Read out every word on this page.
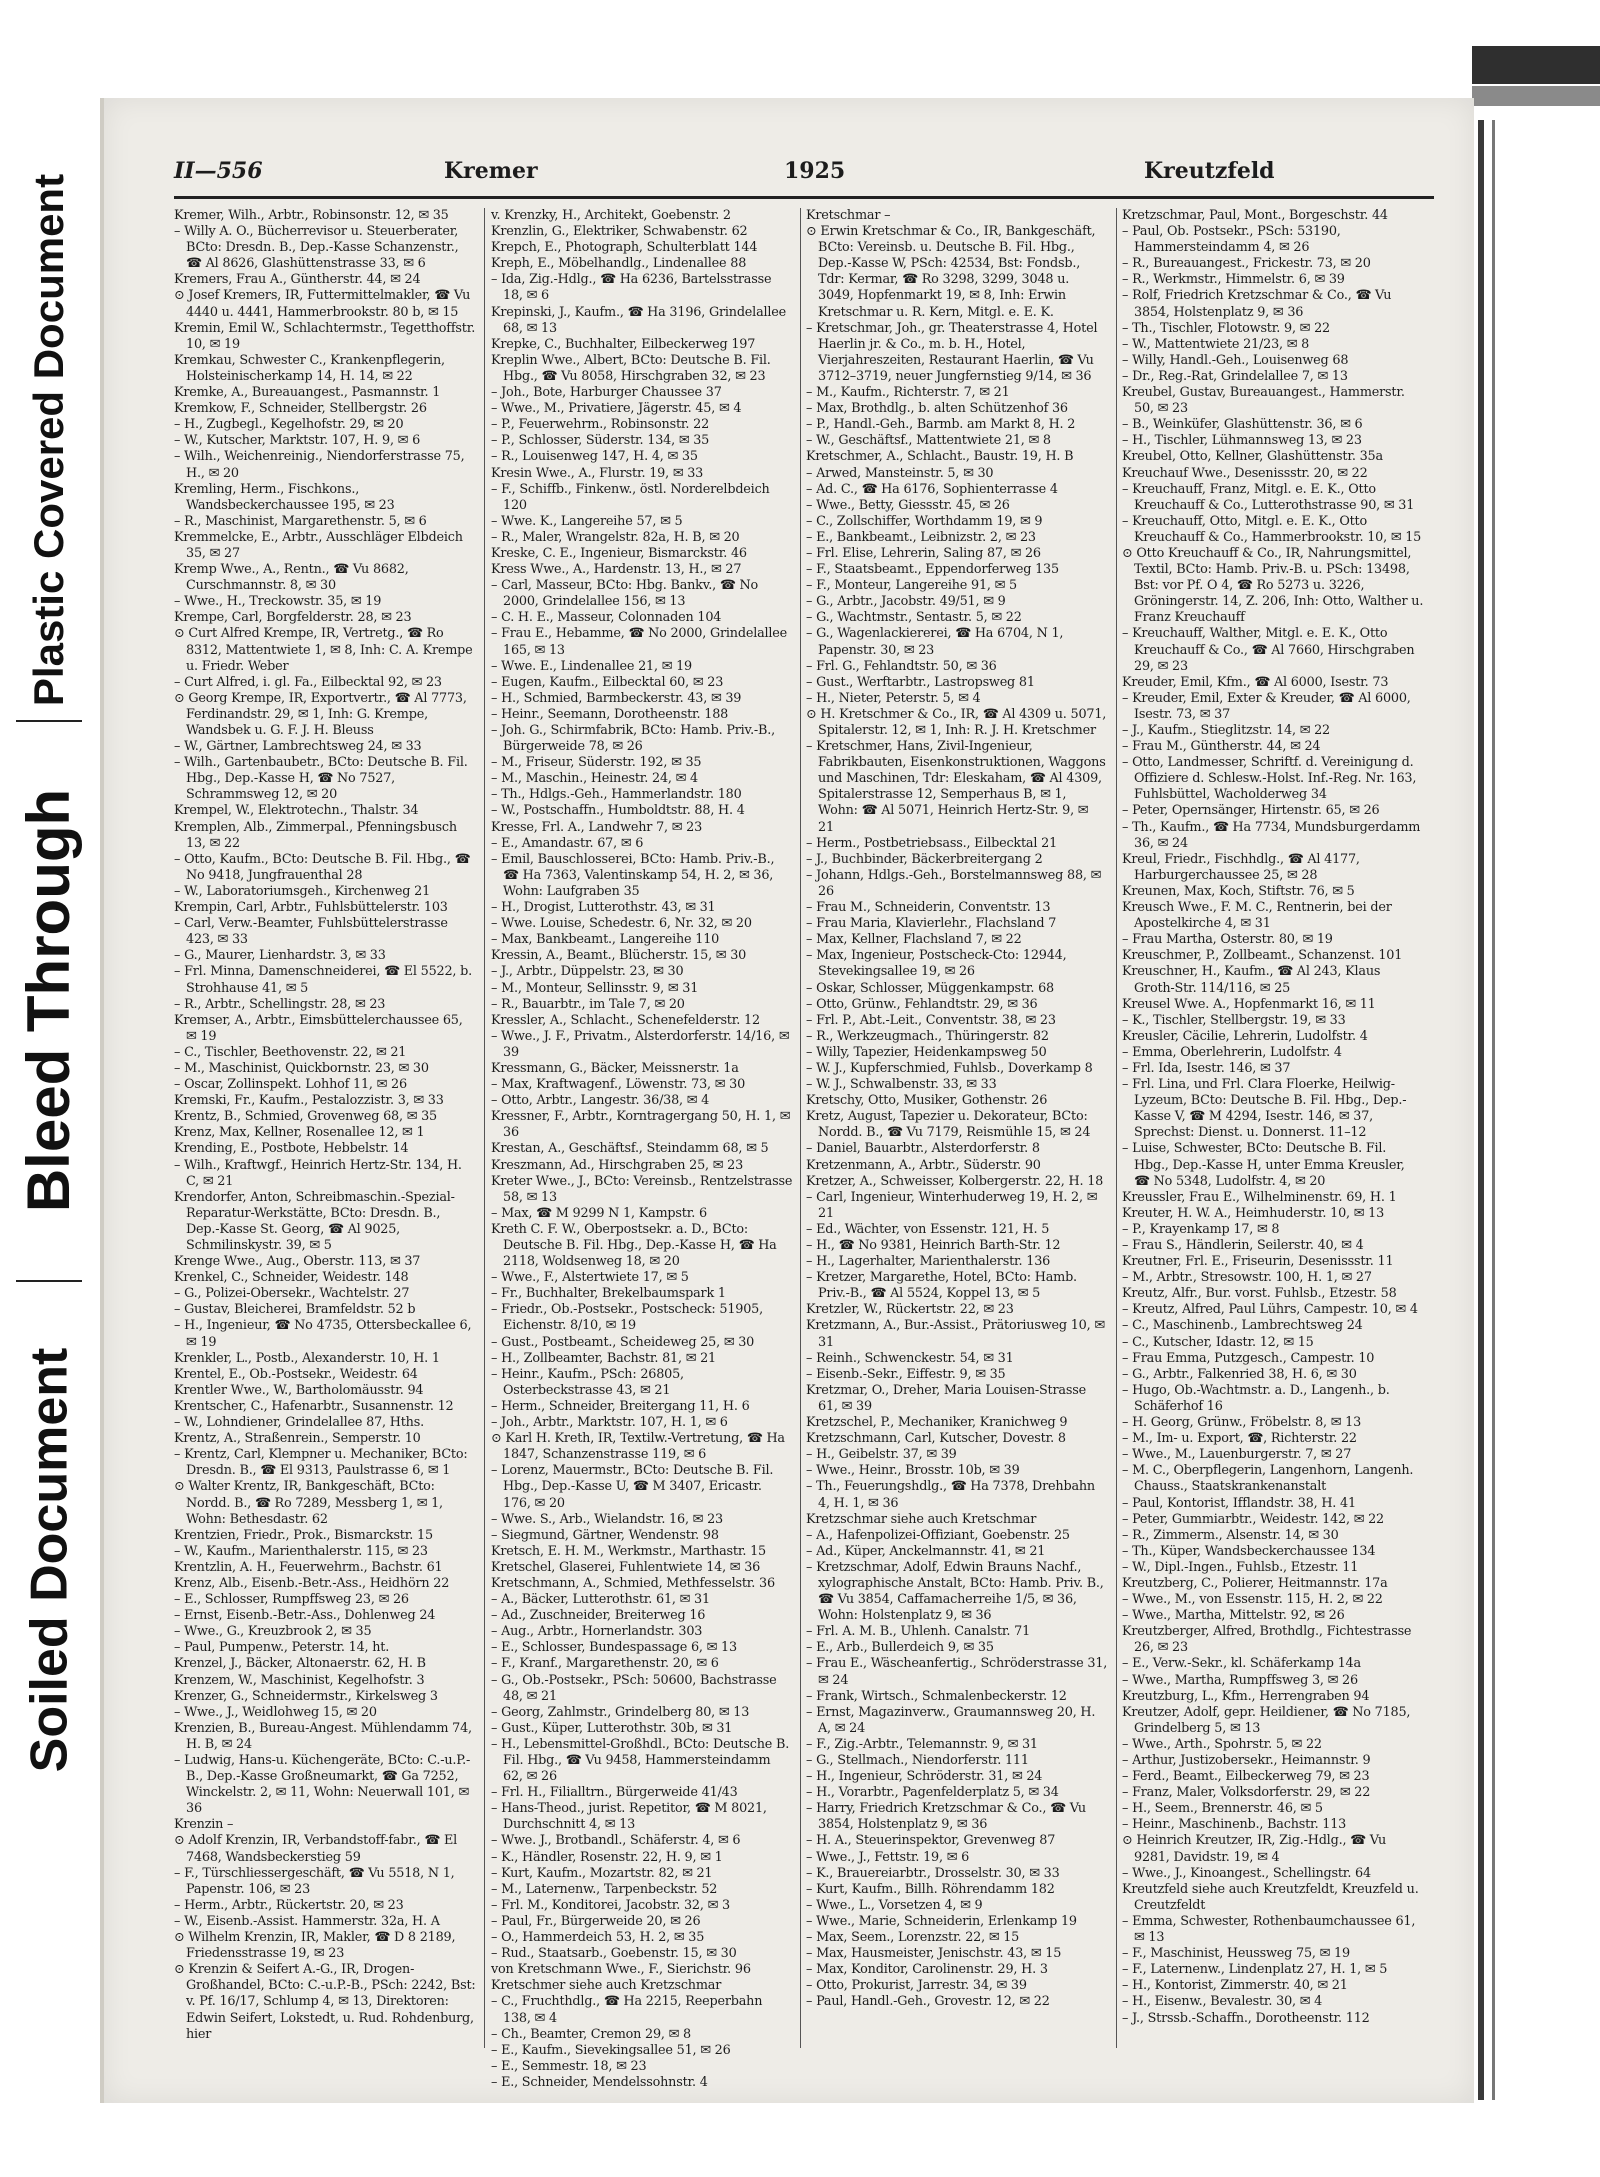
Plastic Covered Document
Bleed Through
Soiled Document
II—556	Kremer	1925	Kreutzfeld
Kremer, Wilh., Arbtr., Robinsonstr. 12, ✉ 35
– Willy A. O., Bücherrevisor u. Steuerberater, BCto: Dresdn. B., Dep.-Kasse Schanzenstr., ☎ Al 8626, Glashüttenstrasse 33, ✉ 6
Kremers, Frau A., Güntherstr. 44, ✉ 24
⊙ Josef Kremers, IR, Futtermittelmakler, ☎ Vu 4440 u. 4441, Hammerbrookstr. 80 b, ✉ 15
Kremin, Emil W., Schlachtermstr., Tegetthoffstr. 10, ✉ 19
Kremkau, Schwester C., Krankenpflegerin, Holsteinischerkamp 14, H. 14, ✉ 22
Kremke, A., Bureauangest., Pasmannstr. 1
Kremkow, F., Schneider, Stellbergstr. 26
– H., Zugbegl., Kegelhofstr. 29, ✉ 20
– W., Kutscher, Marktstr. 107, H. 9, ✉ 6
– Wilh., Weichenreinig., Niendorferstrasse 75, H., ✉ 20
Kremling, Herm., Fischkons., Wandsbeckerchaussee 195, ✉ 23
– R., Maschinist, Margarethenstr. 5, ✉ 6
Kremmelcke, E., Arbtr., Ausschläger Elbdeich 35, ✉ 27
Kremp Wwe., A., Rentn., ☎ Vu 8682, Curschmannstr. 8, ✉ 30
– Wwe., H., Treckowstr. 35, ✉ 19
Krempe, Carl, Borgfelderstr. 28, ✉ 23
⊙ Curt Alfred Krempe, IR, Vertretg., ☎ Ro 8312, Mattentwiete 1, ✉ 8, Inh: C. A. Krempe u. Friedr. Weber
– Curt Alfred, i. gl. Fa., Eilbecktal 92, ✉ 23
⊙ Georg Krempe, IR, Exportvertr., ☎ Al 7773, Ferdinandstr. 29, ✉ 1, Inh: G. Krempe, Wandsbek u. G. F. J. H. Bleuss
– W., Gärtner, Lambrechtsweg 24, ✉ 33
– Wilh., Gartenbaubetr., BCto: Deutsche B. Fil. Hbg., Dep.-Kasse H, ☎ No 7527, Schrammsweg 12, ✉ 20
Krempel, W., Elektrotechn., Thalstr. 34
Kremplen, Alb., Zimmerpal., Pfenningsbusch 13, ✉ 22
– Otto, Kaufm., BCto: Deutsche B. Fil. Hbg., ☎ No 9418, Jungfrauenthal 28
– W., Laboratoriumsgeh., Kirchenweg 21
Krempin, Carl, Arbtr., Fuhlsbüttelerstr. 103
– Carl, Verw.-Beamter, Fuhlsbüttelerstrasse 423, ✉ 33
– G., Maurer, Lienhardstr. 3, ✉ 33
– Frl. Minna, Damenschneiderei, ☎ El 5522, b. Strohhause 41, ✉ 5
– R., Arbtr., Schellingstr. 28, ✉ 23
Kremser, A., Arbtr., Eimsbüttelerchaussee 65, ✉ 19
– C., Tischler, Beethovenstr. 22, ✉ 21
– M., Maschinist, Quickbornstr. 23, ✉ 30
– Oscar, Zollinspekt. Lohhof 11, ✉ 26
Kremski, Fr., Kaufm., Pestalozzistr. 3, ✉ 33
Krentz, B., Schmied, Grovenweg 68, ✉ 35
Krenz, Max, Kellner, Rosenallee 12, ✉ 1
Krending, E., Postbote, Hebbelstr. 14
– Wilh., Kraftwgf., Heinrich Hertz-Str. 134, H. C, ✉ 21
Krendorfer, Anton, Schreibmaschin.-Spezial-Reparatur-Werkstätte, BCto: Dresdn. B., Dep.-Kasse St. Georg, ☎ Al 9025, Schmilinskystr. 39, ✉ 5
Krenge Wwe., Aug., Oberstr. 113, ✉ 37
Krenkel, C., Schneider, Weidestr. 148
– G., Polizei-Obersekr., Wachtelstr. 27
– Gustav, Bleicherei, Bramfeldstr. 52 b
– H., Ingenieur, ☎ No 4735, Ottersbeckallee 6, ✉ 19
Krenkler, L., Postb., Alexanderstr. 10, H. 1
Krentel, E., Ob.-Postsekr., Weidestr. 64
Krentler Wwe., W., Bartholomäusstr. 94
Krentscher, C., Hafenarbtr., Susannenstr. 12
– W., Lohndiener, Grindelallee 87, Hths.
Krentz, A., Straßenrein., Semperstr. 10
– Krentz, Carl, Klempner u. Mechaniker, BCto: Dresdn. B., ☎ El 9313, Paulstrasse 6, ✉ 1
⊙ Walter Krentz, IR, Bankgeschäft, BCto: Nordd. B., ☎ Ro 7289, Messberg 1, ✉ 1, Wohn: Bethesdastr. 62
Krentzien, Friedr., Prok., Bismarckstr. 15
– W., Kaufm., Marienthalerstr. 115, ✉ 23
Krentzlin, A. H., Feuerwehrm., Bachstr. 61
Krenz, Alb., Eisenb.-Betr.-Ass., Heidhörn 22
– E., Schlosser, Rumpffsweg 23, ✉ 26
– Ernst, Eisenb.-Betr.-Ass., Dohlenweg 24
– Wwe., G., Kreuzbrook 2, ✉ 35
– Paul, Pumpenw., Peterstr. 14, ht.
Krenzel, J., Bäcker, Altonaerstr. 62, H. B
Krenzem, W., Maschinist, Kegelhofstr. 3
Krenzer, G., Schneidermstr., Kirkelsweg 3
– Wwe., J., Weidlohweg 15, ✉ 20
Krenzien, B., Bureau-Angest. Mühlendamm 74, H. B, ✉ 24
– Ludwig, Hans-u. Küchengeräte, BCto: C.-u.P.-B., Dep.-Kasse Großneumarkt, ☎ Ga 7252, Winckelstr. 2, ✉ 11, Wohn: Neuerwall 101, ✉ 36
Krenzin –
⊙ Adolf Krenzin, IR, Verbandstoff-fabr., ☎ El 7468, Wandsbeckerstieg 59
– F., Türschliessergeschäft, ☎ Vu 5518, N 1, Papenstr. 106, ✉ 23
– Herm., Arbtr., Rückertstr. 20, ✉ 23
– W., Eisenb.-Assist. Hammerstr. 32a, H. A
⊙ Wilhelm Krenzin, IR, Makler, ☎ D 8 2189, Friedensstrasse 19, ✉ 23
⊙ Krenzin & Seifert A.-G., IR, Drogen-Großhandel, BCto: C.-u.P.-B., PSch: 2242, Bst: v. Pf. 16/17, Schlump 4, ✉ 13, Direktoren: Edwin Seifert, Lokstedt, u. Rud. Rohdenburg, hier
v. Krenzky, H., Architekt, Goebenstr. 2
Krenzlin, G., Elektriker, Schwabenstr. 62
Krepch, E., Photograph, Schulterblatt 144
Kreph, E., Möbelhandlg., Lindenallee 88
– Ida, Zig.-Hdlg., ☎ Ha 6236, Bartelsstrasse 18, ✉ 6
Krepinski, J., Kaufm., ☎ Ha 3196, Grindelallee 68, ✉ 13
Krepke, C., Buchhalter, Eilbeckerweg 197
Kreplin Wwe., Albert, BCto: Deutsche B. Fil. Hbg., ☎ Vu 8058, Hirschgraben 32, ✉ 23
– Joh., Bote, Harburger Chaussee 37
– Wwe., M., Privatiere, Jägerstr. 45, ✉ 4
– P., Feuerwehrm., Robinsonstr. 22
– P., Schlosser, Süderstr. 134, ✉ 35
– R., Louisenweg 147, H. 4, ✉ 35
Kresin Wwe., A., Flurstr. 19, ✉ 33
– F., Schiffb., Finkenw., östl. Norderelbdeich 120
– Wwe. K., Langereihe 57, ✉ 5
– R., Maler, Wrangelstr. 82a, H. B, ✉ 20
Kreske, C. E., Ingenieur, Bismarckstr. 46
Kress Wwe., A., Hardenstr. 13, H., ✉ 27
– Carl, Masseur, BCto: Hbg. Bankv., ☎ No 2000, Grindelallee 156, ✉ 13
– C. H. E., Masseur, Colonnaden 104
– Frau E., Hebamme, ☎ No 2000, Grindelallee 165, ✉ 13
– Wwe. E., Lindenallee 21, ✉ 19
– Eugen, Kaufm., Eilbecktal 60, ✉ 23
– H., Schmied, Barmbeckerstr. 43, ✉ 39
– Heinr., Seemann, Dorotheenstr. 188
– Joh. G., Schirmfabrik, BCto: Hamb. Priv.-B., Bürgerweide 78, ✉ 26
– M., Friseur, Süderstr. 192, ✉ 35
– M., Maschin., Heinestr. 24, ✉ 4
– Th., Hdlgs.-Geh., Hammerlandstr. 180
– W., Postschaffn., Humboldtstr. 88, H. 4
Kresse, Frl. A., Landwehr 7, ✉ 23
– E., Amandastr. 67, ✉ 6
– Emil, Bauschlosserei, BCto: Hamb. Priv.-B., ☎ Ha 7363, Valentinskamp 54, H. 2, ✉ 36, Wohn: Laufgraben 35
– H., Drogist, Lutterothstr. 43, ✉ 31
– Wwe. Louise, Schedestr. 6, Nr. 32, ✉ 20
– Max, Bankbeamt., Langereihe 110
Kressin, A., Beamt., Blücherstr. 15, ✉ 30
– J., Arbtr., Düppelstr. 23, ✉ 30
– M., Monteur, Sellinsstr. 9, ✉ 31
– R., Bauarbtr., im Tale 7, ✉ 20
Kressler, A., Schlacht., Schenefelderstr. 12
– Wwe., J. F., Privatm., Alsterdorferstr. 14/16, ✉ 39
Kressmann, G., Bäcker, Meissnerstr. 1a
– Max, Kraftwagenf., Löwenstr. 73, ✉ 30
– Otto, Arbtr., Langestr. 36/38, ✉ 4
Kressner, F., Arbtr., Korntragergang 50, H. 1, ✉ 36
Krestan, A., Geschäftsf., Steindamm 68, ✉ 5
Kreszmann, Ad., Hirschgraben 25, ✉ 23
Kreter Wwe., J., BCto: Vereinsb., Rentzelstrasse 58, ✉ 13
– Max, ☎ M 9299 N 1, Kampstr. 6
Kreth C. F. W., Oberpostsekr. a. D., BCto: Deutsche B. Fil. Hbg., Dep.-Kasse H, ☎ Ha 2118, Woldsenweg 18, ✉ 20
– Wwe., F., Alstertwiete 17, ✉ 5
– Fr., Buchhalter, Brekelbaumspark 1
– Friedr., Ob.-Postsekr., Postscheck: 51905, Eichenstr. 8/10, ✉ 19
– Gust., Postbeamt., Scheideweg 25, ✉ 30
– H., Zollbeamter, Bachstr. 81, ✉ 21
– Heinr., Kaufm., PSch: 26805, Osterbeckstrasse 43, ✉ 21
– Herm., Schneider, Breitergang 11, H. 6
– Joh., Arbtr., Marktstr. 107, H. 1, ✉ 6
⊙ Karl H. Kreth, IR, Textilw.-Vertretung, ☎ Ha 1847, Schanzenstrasse 119, ✉ 6
– Lorenz, Mauermstr., BCto: Deutsche B. Fil. Hbg., Dep.-Kasse U, ☎ M 3407, Ericastr. 176, ✉ 20
– Wwe. S., Arb., Wielandstr. 16, ✉ 23
– Siegmund, Gärtner, Wendenstr. 98
Kretsch, E. H. M., Werkmstr., Marthastr. 15
Kretschel, Glaserei, Fuhlentwiete 14, ✉ 36
Kretschmann, A., Schmied, Methfesselstr. 36
– A., Bäcker, Lutterothstr. 61, ✉ 31
– Ad., Zuschneider, Breiterweg 16
– Aug., Arbtr., Hornerlandstr. 303
– E., Schlosser, Bundespassage 6, ✉ 13
– F., Kranf., Margarethenstr. 20, ✉ 6
– G., Ob.-Postsekr., PSch: 50600, Bachstrasse 48, ✉ 21
– Georg, Zahlmstr., Grindelberg 80, ✉ 13
– Gust., Küper, Lutterothstr. 30b, ✉ 31
– H., Lebensmittel-Großhdl., BCto: Deutsche B. Fil. Hbg., ☎ Vu 9458, Hammersteindamm 62, ✉ 26
– Frl. H., Filialltrn., Bürgerweide 41/43
– Hans-Theod., jurist. Repetitor, ☎ M 8021, Durchschnitt 4, ✉ 13
– Wwe. J., Brotbandl., Schäferstr. 4, ✉ 6
– K., Händler, Rosenstr. 22, H. 9, ✉ 1
– Kurt, Kaufm., Mozartstr. 82, ✉ 21
– M., Laternenw., Tarpenbeckstr. 52
– Frl. M., Konditorei, Jacobstr. 32, ✉ 3
– Paul, Fr., Bürgerweide 20, ✉ 26
– O., Hammerdeich 53, H. 2, ✉ 35
– Rud., Staatsarb., Goebenstr. 15, ✉ 30
von Kretschmann Wwe., F., Sierichstr. 96
Kretschmer siehe auch Kretzschmar
– C., Fruchthdlg., ☎ Ha 2215, Reeperbahn 138, ✉ 4
– Ch., Beamter, Cremon 29, ✉ 8
– E., Kaufm., Sievekingsallee 51, ✉ 26
– E., Semmestr. 18, ✉ 23
– E., Schneider, Mendelssohnstr. 4
Kretschmar –
⊙ Erwin Kretschmar & Co., IR, Bankgeschäft, BCto: Vereinsb. u. Deutsche B. Fil. Hbg., Dep.-Kasse W, PSch: 42534, Bst: Fondsb., Tdr: Kermar, ☎ Ro 3298, 3299, 3048 u. 3049, Hopfenmarkt 19, ✉ 8, Inh: Erwin Kretschmar u. R. Kern, Mitgl. e. E. K.
– Kretschmar, Joh., gr. Theaterstrasse 4, Hotel Haerlin jr. & Co., m. b. H., Hotel, Vierjahreszeiten, Restaurant Haerlin, ☎ Vu 3712–3719, neuer Jungfernstieg 9/14, ✉ 36
– M., Kaufm., Richterstr. 7, ✉ 21
– Max, Brothdlg., b. alten Schützenhof 36
– P., Handl.-Geh., Barmb. am Markt 8, H. 2
– W., Geschäftsf., Mattentwiete 21, ✉ 8
Kretschmer, A., Schlacht., Baustr. 19, H. B
– Arwed, Mansteinstr. 5, ✉ 30
– Ad. C., ☎ Ha 6176, Sophienterrasse 4
– Wwe., Betty, Giessstr. 45, ✉ 26
– C., Zollschiffer, Worthdamm 19, ✉ 9
– E., Bankbeamt., Leibnizstr. 2, ✉ 23
– Frl. Elise, Lehrerin, Saling 87, ✉ 26
– F., Staatsbeamt., Eppendorferweg 135
– F., Monteur, Langereihe 91, ✉ 5
– G., Arbtr., Jacobstr. 49/51, ✉ 9
– G., Wachtmstr., Sentastr. 5, ✉ 22
– G., Wagenlackiererei, ☎ Ha 6704, N 1, Papenstr. 30, ✉ 23
– Frl. G., Fehlandtstr. 50, ✉ 36
– Gust., Werftarbtr., Lastropsweg 81
– H., Nieter, Peterstr. 5, ✉ 4
⊙ H. Kretschmer & Co., IR, ☎ Al 4309 u. 5071, Spitalerstr. 12, ✉ 1, Inh: R. J. H. Kretschmer
– Kretschmer, Hans, Zivil-Ingenieur, Fabrikbauten, Eisenkonstruktionen, Waggons und Maschinen, Tdr: Eleskaham, ☎ Al 4309, Spitalerstrasse 12, Semperhaus B, ✉ 1, Wohn: ☎ Al 5071, Heinrich Hertz-Str. 9, ✉ 21
– Herm., Postbetriebsass., Eilbecktal 21
– J., Buchbinder, Bäckerbreitergang 2
– Johann, Hdlgs.-Geh., Borstelmannsweg 88, ✉ 26
– Frau M., Schneiderin, Conventstr. 13
– Frau Maria, Klavierlehr., Flachsland 7
– Max, Kellner, Flachsland 7, ✉ 22
– Max, Ingenieur, Postscheck-Cto: 12944, Stevekingsallee 19, ✉ 26
– Oskar, Schlosser, Müggenkampstr. 68
– Otto, Grünw., Fehlandtstr. 29, ✉ 36
– Frl. P., Abt.-Leit., Conventstr. 38, ✉ 23
– R., Werkzeugmach., Thüringerstr. 82
– Willy, Tapezier, Heidenkampsweg 50
– W. J., Kupferschmied, Fuhlsb., Doverkamp 8
– W. J., Schwalbenstr. 33, ✉ 33
Kretschy, Otto, Musiker, Gothenstr. 26
Kretz, August, Tapezier u. Dekorateur, BCto: Nordd. B., ☎ Vu 7179, Reismühle 15, ✉ 24
– Daniel, Bauarbtr., Alsterdorferstr. 8
Kretzenmann, A., Arbtr., Süderstr. 90
Kretzer, A., Schweisser, Kolbergerstr. 22, H. 18
– Carl, Ingenieur, Winterhuderweg 19, H. 2, ✉ 21
– Ed., Wächter, von Essenstr. 121, H. 5
– H., ☎ No 9381, Heinrich Barth-Str. 12
– H., Lagerhalter, Marienthalerstr. 136
– Kretzer, Margarethe, Hotel, BCto: Hamb. Priv.-B., ☎ Al 5524, Koppel 13, ✉ 5
Kretzler, W., Rückertstr. 22, ✉ 23
Kretzmann, A., Bur.-Assist., Prätoriusweg 10, ✉ 31
– Reinh., Schwenckestr. 54, ✉ 31
– Eisenb.-Sekr., Eiffestr. 9, ✉ 35
Kretzmar, O., Dreher, Maria Louisen-Strasse 61, ✉ 39
Kretzschel, P., Mechaniker, Kranichweg 9
Kretzschmann, Carl, Kutscher, Dovestr. 8
– H., Geibelstr. 37, ✉ 39
– Wwe., Heinr., Brosstr. 10b, ✉ 39
– Th., Feuerungshdlg., ☎ Ha 7378, Drehbahn 4, H. 1, ✉ 36
Kretzschmar siehe auch Kretschmar
– A., Hafenpolizei-Offiziant, Goebenstr. 25
– Ad., Küper, Anckelmannstr. 41, ✉ 21
– Kretzschmar, Adolf, Edwin Brauns Nachf., xylographische Anstalt, BCto: Hamb. Priv. B., ☎ Vu 3854, Caffamacherreihe 1/5, ✉ 36, Wohn: Holstenplatz 9, ✉ 36
– Frl. A. M. B., Uhlenh. Canalstr. 71
– E., Arb., Bullerdeich 9, ✉ 35
– Frau E., Wäscheanfertig., Schröderstrasse 31, ✉ 24
– Frank, Wirtsch., Schmalenbeckerstr. 12
– Ernst, Magazinverw., Graumannsweg 20, H. A, ✉ 24
– F., Zig.-Arbtr., Telemannstr. 9, ✉ 31
– G., Stellmach., Niendorferstr. 111
– H., Ingenieur, Schröderstr. 31, ✉ 24
– H., Vorarbtr., Pagenfelderplatz 5, ✉ 34
– Harry, Friedrich Kretzschmar & Co., ☎ Vu 3854, Holstenplatz 9, ✉ 36
– H. A., Steuerinspektor, Grevenweg 87
– Wwe., J., Fettstr. 19, ✉ 6
– K., Brauereiarbtr., Drosselstr. 30, ✉ 33
– Kurt, Kaufm., Billh. Röhrendamm 182
– Wwe., L., Vorsetzen 4, ✉ 9
– Wwe., Marie, Schneiderin, Erlenkamp 19
– Max, Seem., Lorenzstr. 22, ✉ 15
– Max, Hausmeister, Jenischstr. 43, ✉ 15
– Max, Konditor, Carolinenstr. 29, H. 3
– Otto, Prokurist, Jarrestr. 34, ✉ 39
– Paul, Handl.-Geh., Grovestr. 12, ✉ 22
Kretzschmar, Paul, Mont., Borgeschstr. 44
– Paul, Ob. Postsekr., PSch: 53190, Hammersteindamm 4, ✉ 26
– R., Bureauangest., Frickestr. 73, ✉ 20
– R., Werkmstr., Himmelstr. 6, ✉ 39
– Rolf, Friedrich Kretzschmar & Co., ☎ Vu 3854, Holstenplatz 9, ✉ 36
– Th., Tischler, Flotowstr. 9, ✉ 22
– W., Mattentwiete 21/23, ✉ 8
– Willy, Handl.-Geh., Louisenweg 68
– Dr., Reg.-Rat, Grindelallee 7, ✉ 13
Kreubel, Gustav, Bureauangest., Hammerstr. 50, ✉ 23
– B., Weinküfer, Glashüttenstr. 36, ✉ 6
– H., Tischler, Lühmannsweg 13, ✉ 23
Kreubel, Otto, Kellner, Glashüttenstr. 35a
Kreuchauf Wwe., Desenissstr. 20, ✉ 22
– Kreuchauff, Franz, Mitgl. e. E. K., Otto Kreuchauff & Co., Lutterothstrasse 90, ✉ 31
– Kreuchauff, Otto, Mitgl. e. E. K., Otto Kreuchauff & Co., Hammerbrookstr. 10, ✉ 15
⊙ Otto Kreuchauff & Co., IR, Nahrungsmittel, Textil, BCto: Hamb. Priv.-B. u. PSch: 13498, Bst: vor Pf. O 4, ☎ Ro 5273 u. 3226, Gröningerstr. 14, Z. 206, Inh: Otto, Walther u. Franz Kreuchauff
– Kreuchauff, Walther, Mitgl. e. E. K., Otto Kreuchauff & Co., ☎ Al 7660, Hirschgraben 29, ✉ 23
Kreuder, Emil, Kfm., ☎ Al 6000, Isestr. 73
– Kreuder, Emil, Exter & Kreuder, ☎ Al 6000, Isestr. 73, ✉ 37
– J., Kaufm., Stieglitzstr. 14, ✉ 22
– Frau M., Güntherstr. 44, ✉ 24
– Otto, Landmesser, Schriftf. d. Vereinigung d. Offiziere d. Schlesw.-Holst. Inf.-Reg. Nr. 163, Fuhlsbüttel, Wacholderweg 34
– Peter, Opernsänger, Hirtenstr. 65, ✉ 26
– Th., Kaufm., ☎ Ha 7734, Mundsburgerdamm 36, ✉ 24
Kreul, Friedr., Fischhdlg., ☎ Al 4177, Harburgerchaussee 25, ✉ 28
Kreunen, Max, Koch, Stiftstr. 76, ✉ 5
Kreusch Wwe., F. M. C., Rentnerin, bei der Apostelkirche 4, ✉ 31
– Frau Martha, Osterstr. 80, ✉ 19
Kreuschmer, P., Zollbeamt., Schanzenst. 101
Kreuschner, H., Kaufm., ☎ Al 243, Klaus Groth-Str. 114/116, ✉ 25
Kreusel Wwe. A., Hopfenmarkt 16, ✉ 11
– K., Tischler, Stellbergstr. 19, ✉ 33
Kreusler, Cäcilie, Lehrerin, Ludolfstr. 4
– Emma, Oberlehrerin, Ludolfstr. 4
– Frl. Ida, Isestr. 146, ✉ 37
– Frl. Lina, und Frl. Clara Floerke, Heilwig-Lyzeum, BCto: Deutsche B. Fil. Hbg., Dep.-Kasse V, ☎ M 4294, Isestr. 146, ✉ 37, Sprechst: Dienst. u. Donnerst. 11–12
– Luise, Schwester, BCto: Deutsche B. Fil. Hbg., Dep.-Kasse H, unter Emma Kreusler, ☎ No 5348, Ludolfstr. 4, ✉ 20
Kreussler, Frau E., Wilhelminenstr. 69, H. 1
Kreuter, H. W. A., Heimhuderstr. 10, ✉ 13
– P., Krayenkamp 17, ✉ 8
– Frau S., Händlerin, Seilerstr. 40, ✉ 4
Kreutner, Frl. E., Friseurin, Desenissstr. 11
– M., Arbtr., Stresowstr. 100, H. 1, ✉ 27
Kreutz, Alfr., Bur. vorst. Fuhlsb., Etzestr. 58
– Kreutz, Alfred, Paul Lührs, Campestr. 10, ✉ 4
– C., Maschinenb., Lambrechtsweg 24
– C., Kutscher, Idastr. 12, ✉ 15
– Frau Emma, Putzgesch., Campestr. 10
– G., Arbtr., Falkenried 38, H. 6, ✉ 30
– Hugo, Ob.-Wachtmstr. a. D., Langenh., b. Schäferhof 16
– H. Georg, Grünw., Fröbelstr. 8, ✉ 13
– M., Im- u. Export, ☎, Richterstr. 22
– Wwe., M., Lauenburgerstr. 7, ✉ 27
– M. C., Oberpflegerin, Langenhorn, Langenh. Chauss., Staatskrankenanstalt
– Paul, Kontorist, Ifflandstr. 38, H. 41
– Peter, Gummiarbtr., Weidestr. 142, ✉ 22
– R., Zimmerm., Alsenstr. 14, ✉ 30
– Th., Küper, Wandsbeckerchaussee 134
– W., Dipl.-Ingen., Fuhlsb., Etzestr. 11
Kreutzberg, C., Polierer, Heitmannstr. 17a
– Wwe., M., von Essenstr. 115, H. 2, ✉ 22
– Wwe., Martha, Mittelstr. 92, ✉ 26
Kreutzberger, Alfred, Brothdlg., Fichtestrasse 26, ✉ 23
– E., Verw.-Sekr., kl. Schäferkamp 14a
– Wwe., Martha, Rumpffsweg 3, ✉ 26
Kreutzburg, L., Kfm., Herrengraben 94
Kreutzer, Adolf, gepr. Heildiener, ☎ No 7185, Grindelberg 5, ✉ 13
– Wwe., Arth., Spohrstr. 5, ✉ 22
– Arthur, Justizobersekr., Heimannstr. 9
– Ferd., Beamt., Eilbeckerweg 79, ✉ 23
– Franz, Maler, Volksdorferstr. 29, ✉ 22
– H., Seem., Brennerstr. 46, ✉ 5
– Heinr., Maschinenb., Bachstr. 113
⊙ Heinrich Kreutzer, IR, Zig.-Hdlg., ☎ Vu 9281, Davidstr. 19, ✉ 4
– Wwe., J., Kinoangest., Schellingstr. 64
Kreutzfeld siehe auch Kreutzfeldt, Kreuzfeld u. Creutzfeldt
– Emma, Schwester, Rothenbaumchaussee 61, ✉ 13
– F., Maschinist, Heussweg 75, ✉ 19
– F., Laternenw., Lindenplatz 27, H. 1, ✉ 5
– H., Kontorist, Zimmerstr. 40, ✉ 21
– H., Eisenw., Bevalestr. 30, ✉ 4
– J., Strssb.-Schaffn., Dorotheenstr. 112
